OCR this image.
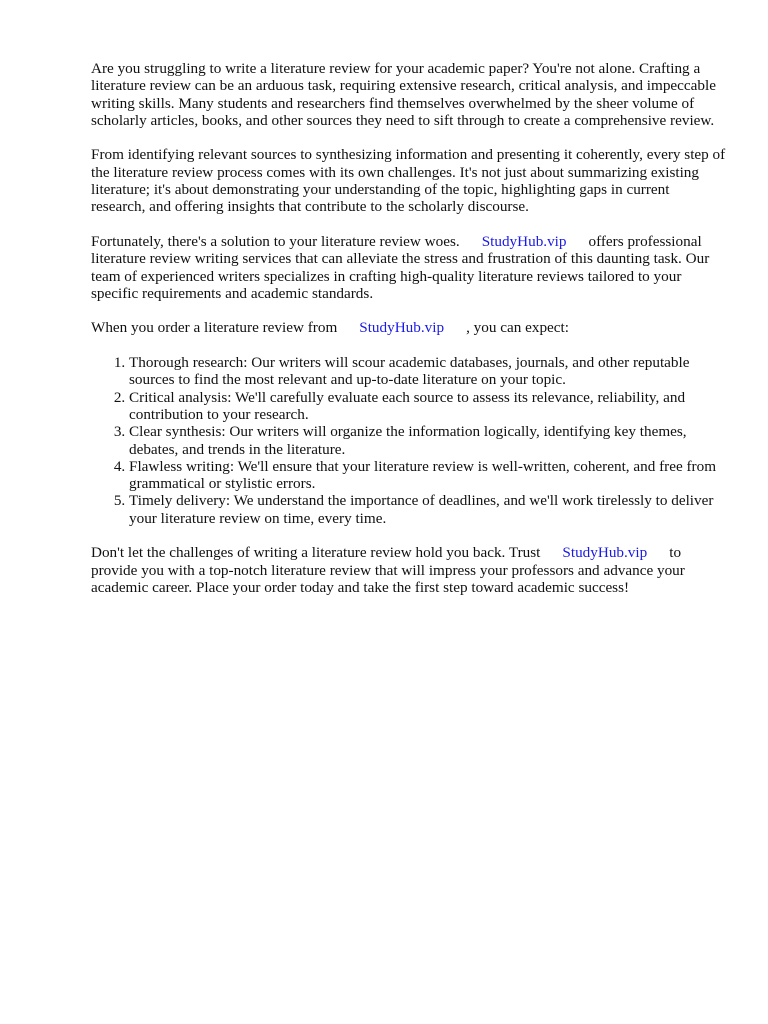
Are you struggling to write a literature review for your academic paper? You're not alone. Crafting a literature review can be an arduous task, requiring extensive research, critical analysis, and impeccable writing skills. Many students and researchers find themselves overwhelmed by the sheer volume of scholarly articles, books, and other sources they need to sift through to create a comprehensive review.

From identifying relevant sources to synthesizing information and presenting it coherently, every step of the literature review process comes with its own challenges. It's not just about summarizing existing literature; it's about demonstrating your understanding of the topic, highlighting gaps in current research, and offering insights that contribute to the scholarly discourse.

Fortunately, there's a solution to your literature review woes. StudyHub.vip offers professional literature review writing services that can alleviate the stress and frustration of this daunting task. Our team of experienced writers specializes in crafting high-quality literature reviews tailored to your specific requirements and academic standards.

When you order a literature review from StudyHub.vip , you can expect:

1. Thorough research: Our writers will scour academic databases, journals, and other reputable sources to find the most relevant and up-to-date literature on your topic.
2. Critical analysis: We'll carefully evaluate each source to assess its relevance, reliability, and contribution to your research.
3. Clear synthesis: Our writers will organize the information logically, identifying key themes, debates, and trends in the literature.
4. Flawless writing: We'll ensure that your literature review is well-written, coherent, and free from grammatical or stylistic errors.
5. Timely delivery: We understand the importance of deadlines, and we'll work tirelessly to deliver your literature review on time, every time.

Don't let the challenges of writing a literature review hold you back. Trust StudyHub.vip to provide you with a top-notch literature review that will impress your professors and advance your academic career. Place your order today and take the first step toward academic success!
